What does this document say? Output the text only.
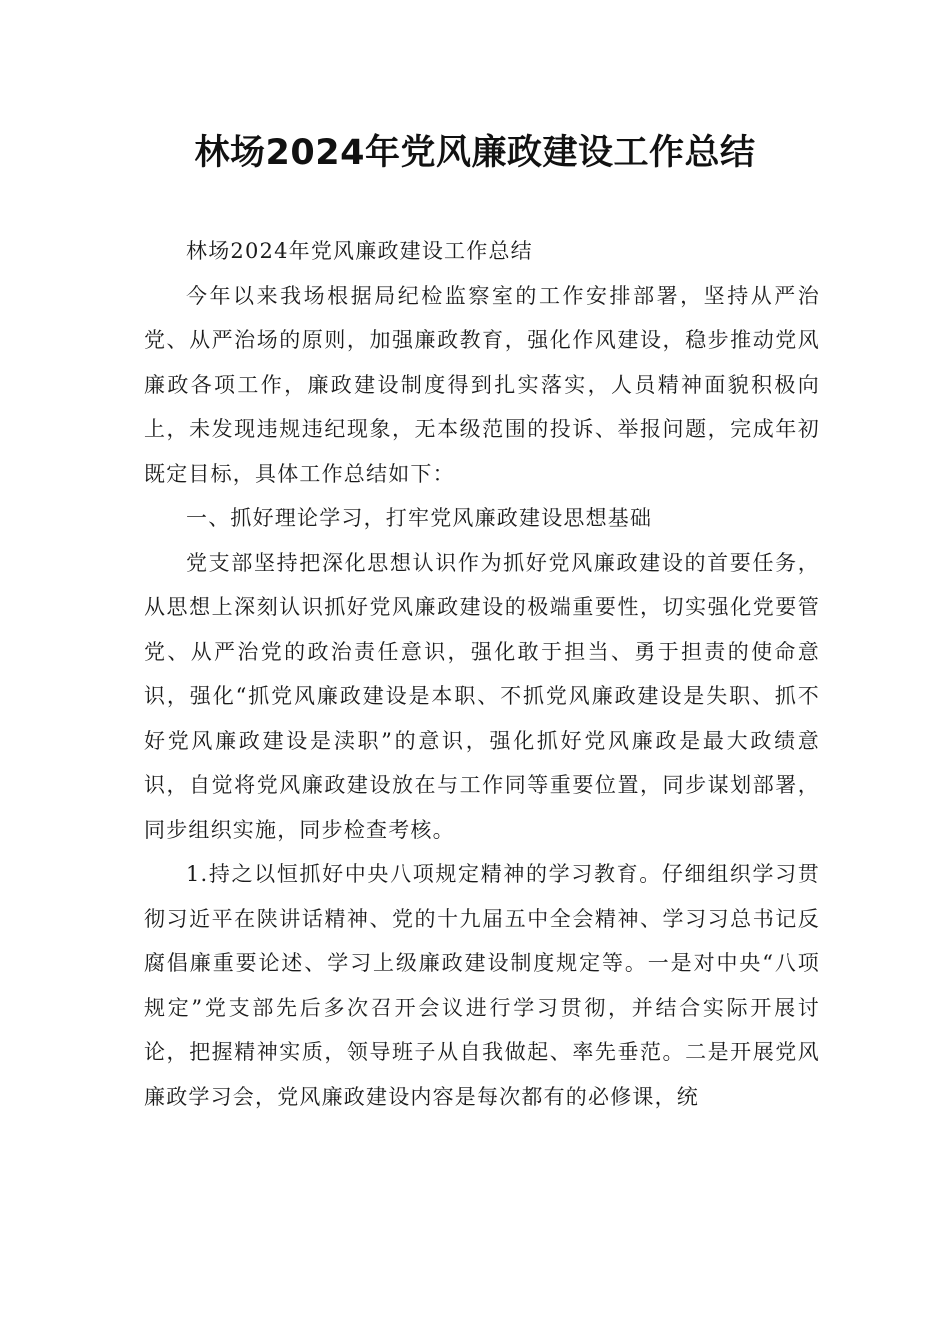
林场2024年党风廉政建设工作总结

林场2024年党风廉政建设工作总结

今年以来我场根据局纪检监察室的工作安排部署，坚持从严治党、从严治场的原则，加强廉政教育，强化作风建设，稳步推动党风廉政各项工作，廉政建设制度得到扎实落实，人员精神面貌积极向上，未发现违规违纪现象，无本级范围的投诉、举报问题，完成年初既定目标，具体工作总结如下：

一、抓好理论学习，打牢党风廉政建设思想基础

党支部坚持把深化思想认识作为抓好党风廉政建设的首要任务，从思想上深刻认识抓好党风廉政建设的极端重要性，切实强化党要管党、从严治党的政治责任意识，强化敢于担当、勇于担责的使命意识，强化“抓党风廉政建设是本职、不抓党风廉政建设是失职、抓不好党风廉政建设是渎职”的意识，强化抓好党风廉政是最大政绩意识，自觉将党风廉政建设放在与工作同等重要位置，同步谋划部署，同步组织实施，同步检查考核。

1.持之以恒抓好中央八项规定精神的学习教育。仔细组织学习贯彻习近平在陕讲话精神、党的十九届五中全会精神、学习习总书记反腐倡廉重要论述、学习上级廉政建设制度规定等。一是对中央“八项规定”党支部先后多次召开会议进行学习贯彻，并结合实际开展讨论，把握精神实质，领导班子从自我做起、率先垂范。二是开展党风廉政学习会，党风廉政建设内容是每次都有的必修课，统
